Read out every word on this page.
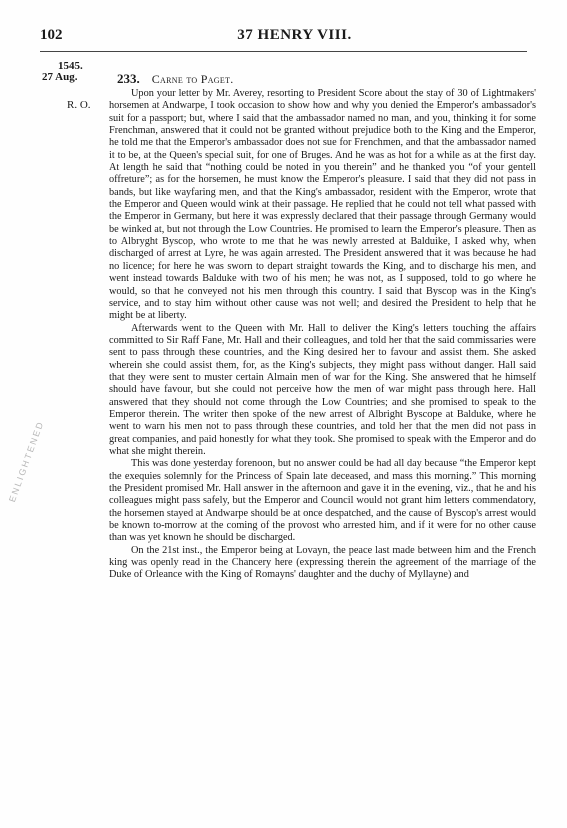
102	37 HENRY VIII.
1545.
27 Aug.
R. O.
233. Carne to Paget.

Upon your letter by Mr. Averey, resorting to President Score about the stay of 30 of Lightmakers' horsemen at Andwarpe, I took occasion to show how and why you denied the Emperor's ambassador's suit for a passport; but, where I said that the ambassador named no man, and you, thinking it for some Frenchman, answered that it could not be granted without prejudice both to the King and the Emperor, he told me that the Emperor's ambassador does not sue for Frenchmen, and that the ambassador named it to be, at the Queen's special suit, for one of Bruges. And he was as hot for a while as at the first day. At length he said that “nothing could be noted in you therein” and he thanked you “of your gentell offreture”; as for the horsemen, he must know the Emperor's pleasure. I said that they did not pass in bands, but like wayfaring men, and that the King's ambassador, resident with the Emperor, wrote that the Emperor and Queen would wink at their passage. He replied that he could not tell what passed with the Emperor in Germany, but here it was expressly declared that their passage through Germany would be winked at, but not through the Low Countries. He promised to learn the Emperor's pleasure. Then as to Albryght Byscop, who wrote to me that he was newly arrested at Balduike, I asked why, when discharged of arrest at Lyre, he was again arrested. The President answered that it was because he had no licence; for here he was sworn to depart straight towards the King, and to discharge his men, and went instead towards Balduke with two of his men; he was not, as I supposed, told to go where he would, so that he conveyed not his men through this country. I said that Byscop was in the King's service, and to stay him without other cause was not well; and desired the President to help that he might be at liberty.

Afterwards went to the Queen with Mr. Hall to deliver the King's letters touching the affairs committed to Sir Raff Fane, Mr. Hall and their colleagues, and told her that the said commissaries were sent to pass through these countries, and the King desired her to favour and assist them. She asked wherein she could assist them, for, as the King's subjects, they might pass without danger. Hall said that they were sent to muster certain Almain men of war for the King. She answered that he himself should have favour, but she could not perceive how the men of war might pass through here. Hall answered that they should not come through the Low Countries; and she promised to speak to the Emperor therein. The writer then spoke of the new arrest of Albright Byscope at Balduke, where he went to warn his men not to pass through these countries, and told her that the men did not pass in great companies, and paid honestly for what they took. She promised to speak with the Emperor and do what she might therein.

This was done yesterday forenoon, but no answer could be had all day because “the Emperor kept the exequies solemnly for the Princess of Spain late deceased, and mass this morning.” This morning the President promised Mr. Hall answer in the afternoon and gave it in the evening, viz., that he and his colleagues might pass safely, but the Emperor and Council would not grant him letters commendatory, the horsemen stayed at Andwarpe should be at once despatched, and the cause of Byscop's arrest would be known to-morrow at the coming of the provost who arrested him, and if it were for no other cause than was yet known he should be discharged.

On the 21st inst., the Emperor being at Lovayn, the peace last made between him and the French king was openly read in the Chancery here (expressing therein the agreement of the marriage of the Duke of Orleance with the King of Romayns' daughter and the duchy of Myllayne) and

ENLIGHTENED
